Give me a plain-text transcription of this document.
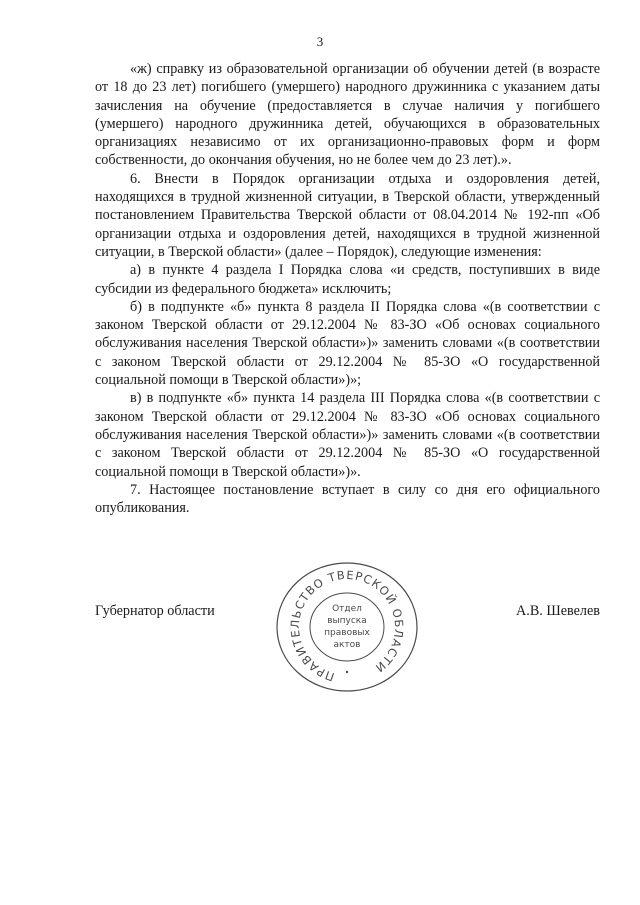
3

«ж) справку из образовательной организации об обучении детей (в возрасте от 18 до 23 лет) погибшего (умершего) народного дружинника с указанием даты зачисления на обучение (предоставляется в случае наличия у погибшего (умершего) народного дружинника детей, обучающихся в образовательных организациях независимо от их организационно-правовых форм и форм собственности, до окончания обучения, но не более чем до 23 лет).».

6. Внести в Порядок организации отдыха и оздоровления детей, находящихся в трудной жизненной ситуации, в Тверской области, утвержденный постановлением Правительства Тверской области от 08.04.2014 № 192-пп «Об организации отдыха и оздоровления детей, находящихся в трудной жизненной ситуации, в Тверской области» (далее – Порядок), следующие изменения:

а) в пункте 4 раздела I Порядка слова «и средств, поступивших в виде субсидии из федерального бюджета» исключить;

б) в подпункте «б» пункта 8 раздела II Порядка слова «(в соответствии с законом Тверской области от 29.12.2004 № 83-ЗО «Об основах социального обслуживания населения Тверской области»)» заменить словами «(в соответствии с законом Тверской области от 29.12.2004 № 85-ЗО «О государственной социальной помощи в Тверской области»)»;

в) в подпункте «б» пункта 14 раздела III Порядка слова «(в соответствии с законом Тверской области от 29.12.2004 № 83-ЗО «Об основах социального обслуживания населения Тверской области»)» заменить словами «(в соответствии с законом Тверской области от 29.12.2004 № 85-ЗО «О государственной социальной помощи в Тверской области»)».

7. Настоящее постановление вступает в силу со дня его официального опубликования.

Губернатор области	А.В. Шевелев
ПРАВИТЕЛЬСТВО ТВЕРСКОЙ ОБЛАСТИ
Отдел
выпуска
правовых
актов
